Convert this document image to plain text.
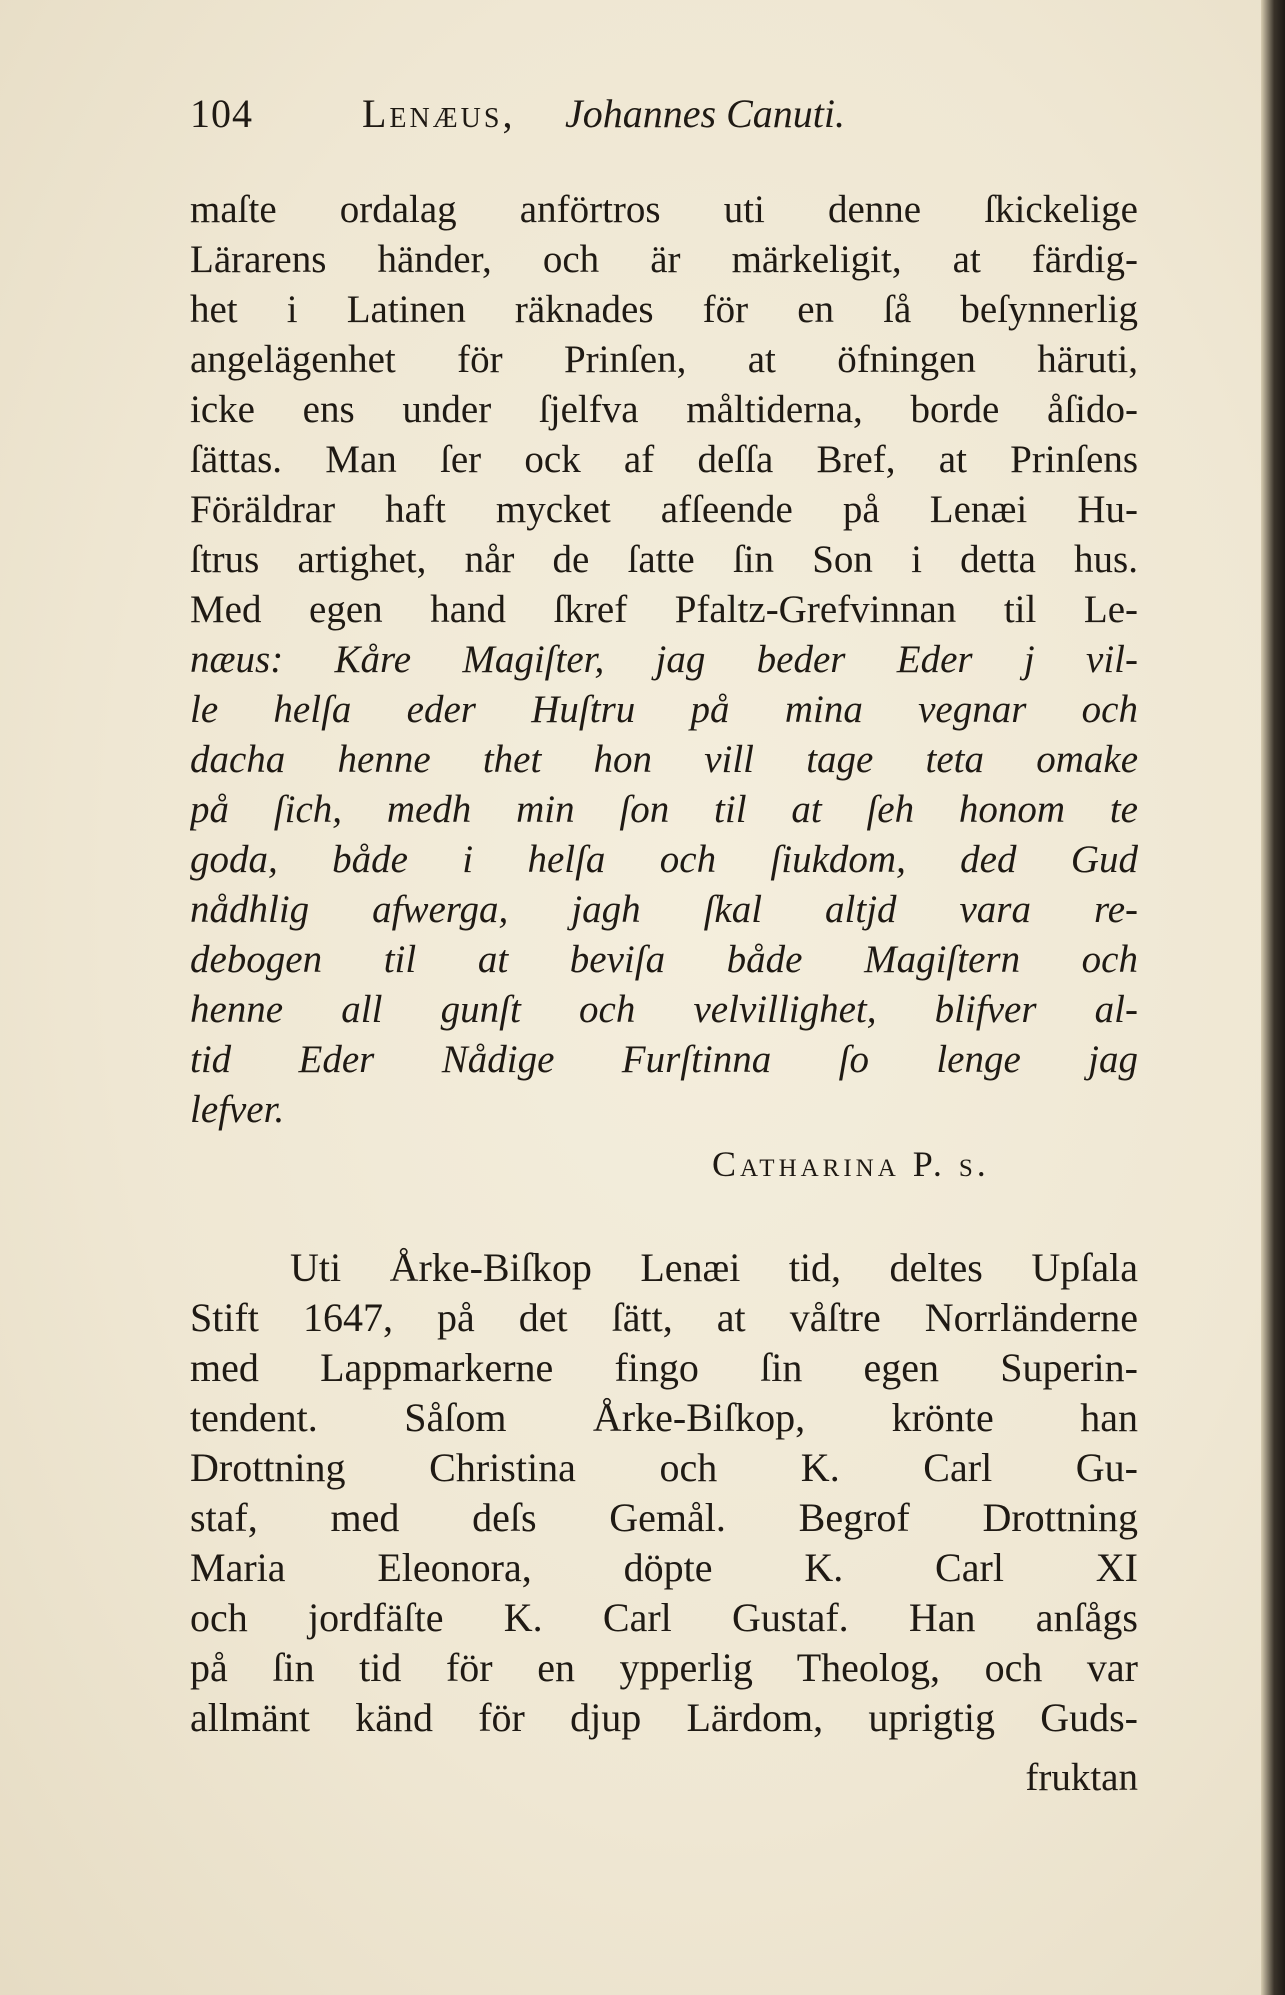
104	Lenæus, Johannes Canuti.
maſte ordalag anförtros uti denne ſkickelige
Lärarens händer, och är märkeligit, at färdig-
het i Latinen räknades för en ſå beſynnerlig
angelägenhet för Prinſen, at öfningen häruti,
icke ens under ſjelfva måltiderna, borde åſido-
ſättas. Man ſer ock af deſſa Bref, at Prinſens
Föräldrar haft mycket afſeende på Lenæi Hu-
ſtrus artighet, når de ſatte ſin Son i detta hus.
Med egen hand ſkref Pfaltz-Grefvinnan til Le-
næus: Kåre Magiſter, jag beder Eder j vil-
le helſa eder Huſtru på mina vegnar och
dacha henne thet hon vill tage teta omake
på ſich, medh min ſon til at ſeh honom te
goda, både i helſa och ſiukdom, ded Gud
nådhlig afwerga, jagh ſkal altjd vara re-
debogen til at beviſa både Magiſtern och
henne all gunſt och velvillighet, blifver al-
tid Eder Nådige Furſtinna ſo lenge jag
lefver.
Catharina P. ſ.
Uti Årke-Biſkop Lenæi tid, deltes Upſala
Stift 1647, på det ſätt, at våſtre Norrländerne
med Lappmarkerne fingo ſin egen Superin-
tendent. Såſom Årke-Biſkop, krönte han
Drottning Christina och K. Carl Gu-
staf, med deſs Gemål. Begrof Drottning
Maria Eleonora, döpte K. Carl XI
och jordfäſte K. Carl Gustaf. Han anſågs
på ſin tid för en ypperlig Theolog, och var
allmänt känd för djup Lärdom, uprigtig Guds-
fruktan
